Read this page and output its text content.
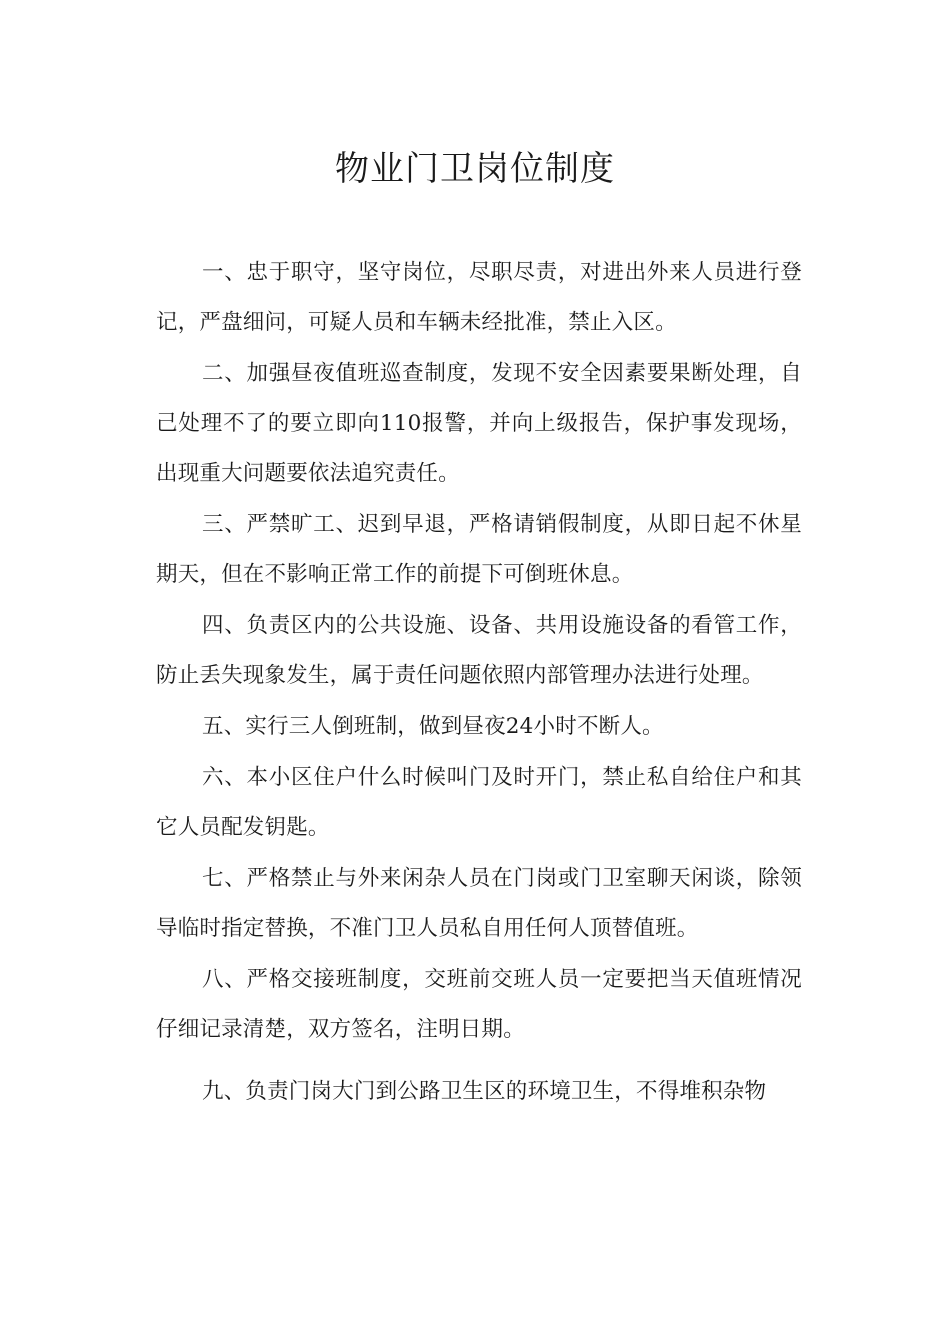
物业门卫岗位制度

一、忠于职守，坚守岗位，尽职尽责，对进出外来人员进行登记，严盘细问，可疑人员和车辆未经批准，禁止入区。

二、加强昼夜值班巡查制度，发现不安全因素要果断处理，自己处理不了的要立即向110报警，并向上级报告，保护事发现场，出现重大问题要依法追究责任。

三、严禁旷工、迟到早退，严格请销假制度，从即日起不休星期天，但在不影响正常工作的前提下可倒班休息。

四、负责区内的公共设施、设备、共用设施设备的看管工作，防止丢失现象发生，属于责任问题依照内部管理办法进行处理。

五、实行三人倒班制，做到昼夜24小时不断人。

六、本小区住户什么时候叫门及时开门，禁止私自给住户和其它人员配发钥匙。

七、严格禁止与外来闲杂人员在门岗或门卫室聊天闲谈，除领导临时指定替换，不准门卫人员私自用任何人顶替值班。

八、严格交接班制度，交班前交班人员一定要把当天值班情况仔细记录清楚，双方签名，注明日期。

九、负责门岗大门到公路卫生区的环境卫生，不得堆积杂物
